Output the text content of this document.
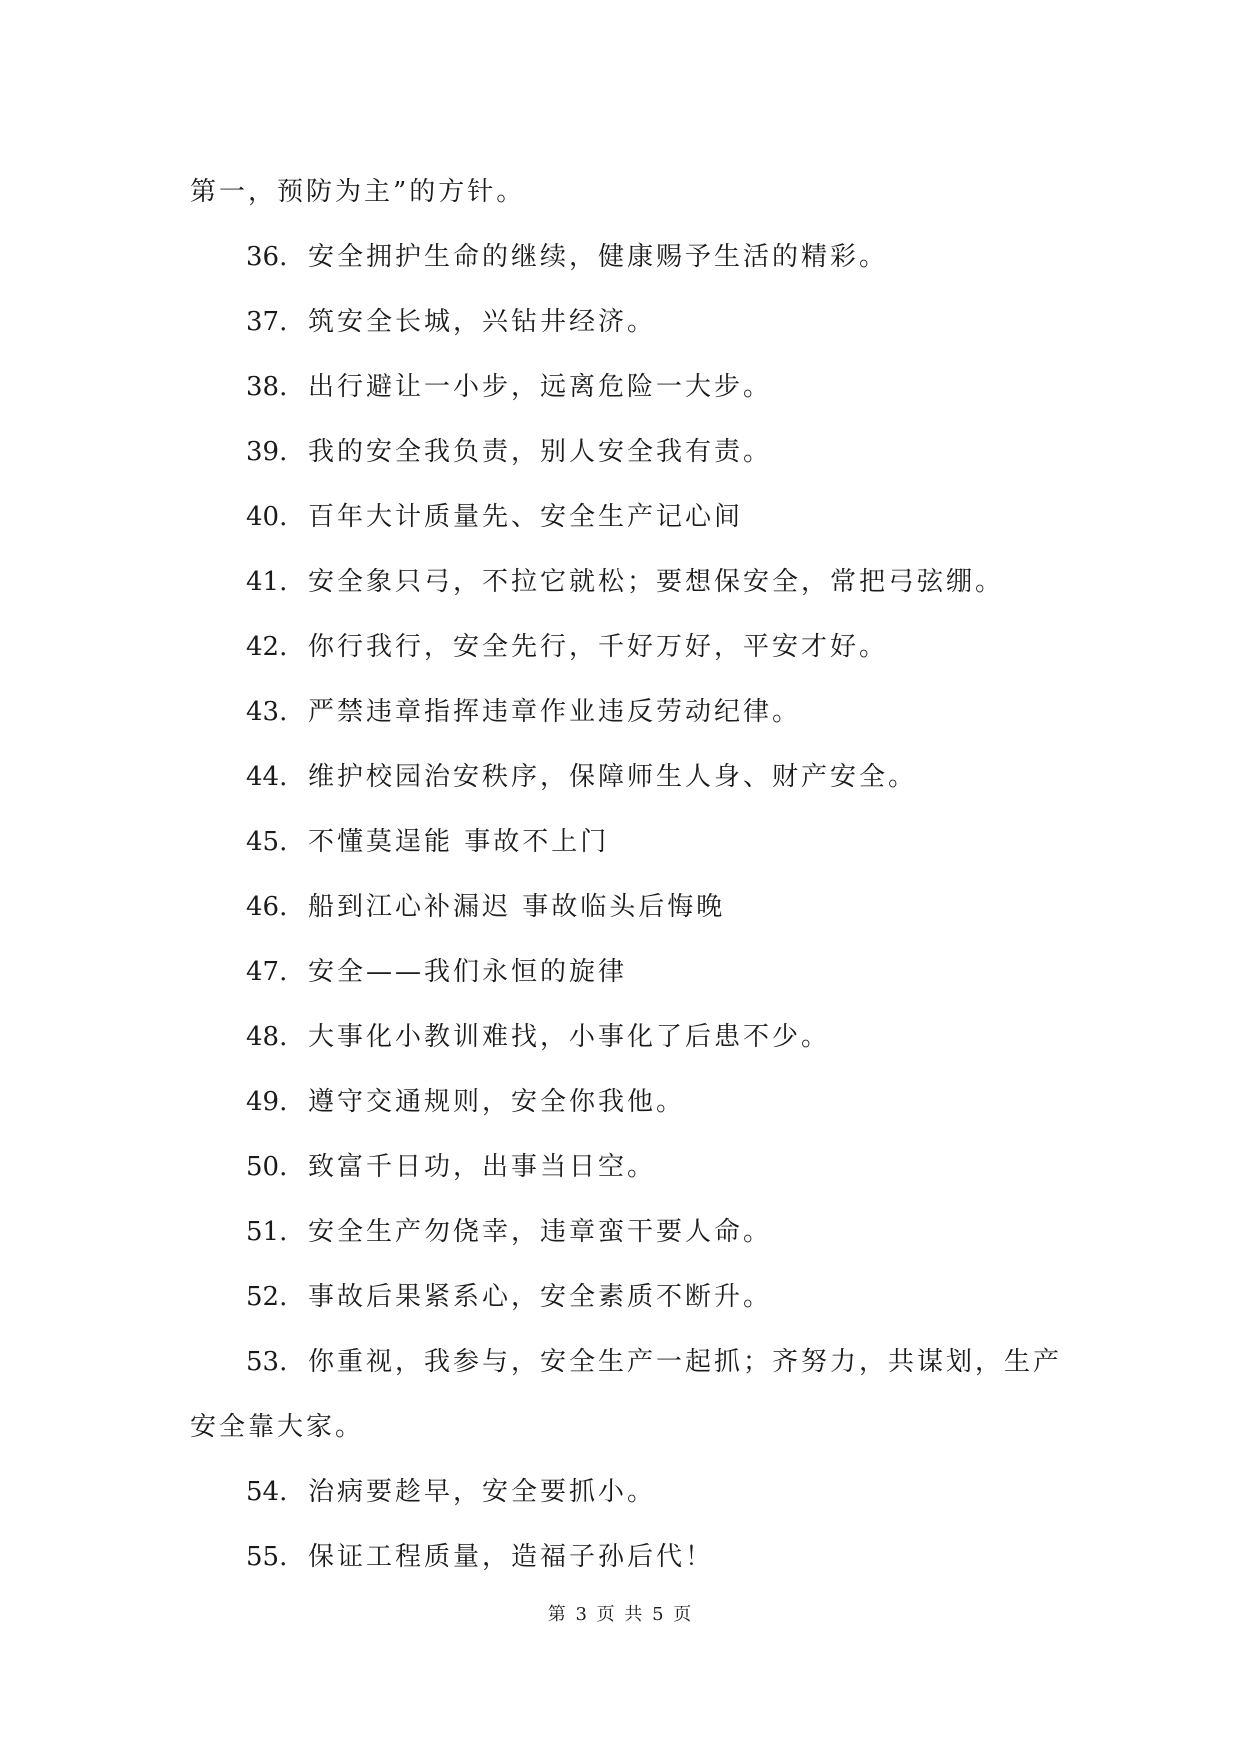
第一，预防为主”的方针。
36. 安全拥护生命的继续，健康赐予生活的精彩。
37. 筑安全长城，兴钻井经济。
38. 出行避让一小步，远离危险一大步。
39. 我的安全我负责，别人安全我有责。
40. 百年大计质量先、安全生产记心间
41. 安全象只弓，不拉它就松；要想保安全，常把弓弦绷。
42. 你行我行，安全先行，千好万好，平安才好。
43. 严禁违章指挥违章作业违反劳动纪律。
44. 维护校园治安秩序，保障师生人身、财产安全。
45. 不懂莫逞能 事故不上门
46. 船到江心补漏迟 事故临头后悔晚
47. 安全——我们永恒的旋律
48. 大事化小教训难找，小事化了后患不少。
49. 遵守交通规则，安全你我他。
50. 致富千日功，出事当日空。
51. 安全生产勿侥幸，违章蛮干要人命。
52. 事故后果紧系心，安全素质不断升。
53. 你重视，我参与，安全生产一起抓；齐努力，共谋划，生产
安全靠大家。
54. 治病要趁早，安全要抓小。
55. 保证工程质量，造福子孙后代！
第 3 页 共 5 页
